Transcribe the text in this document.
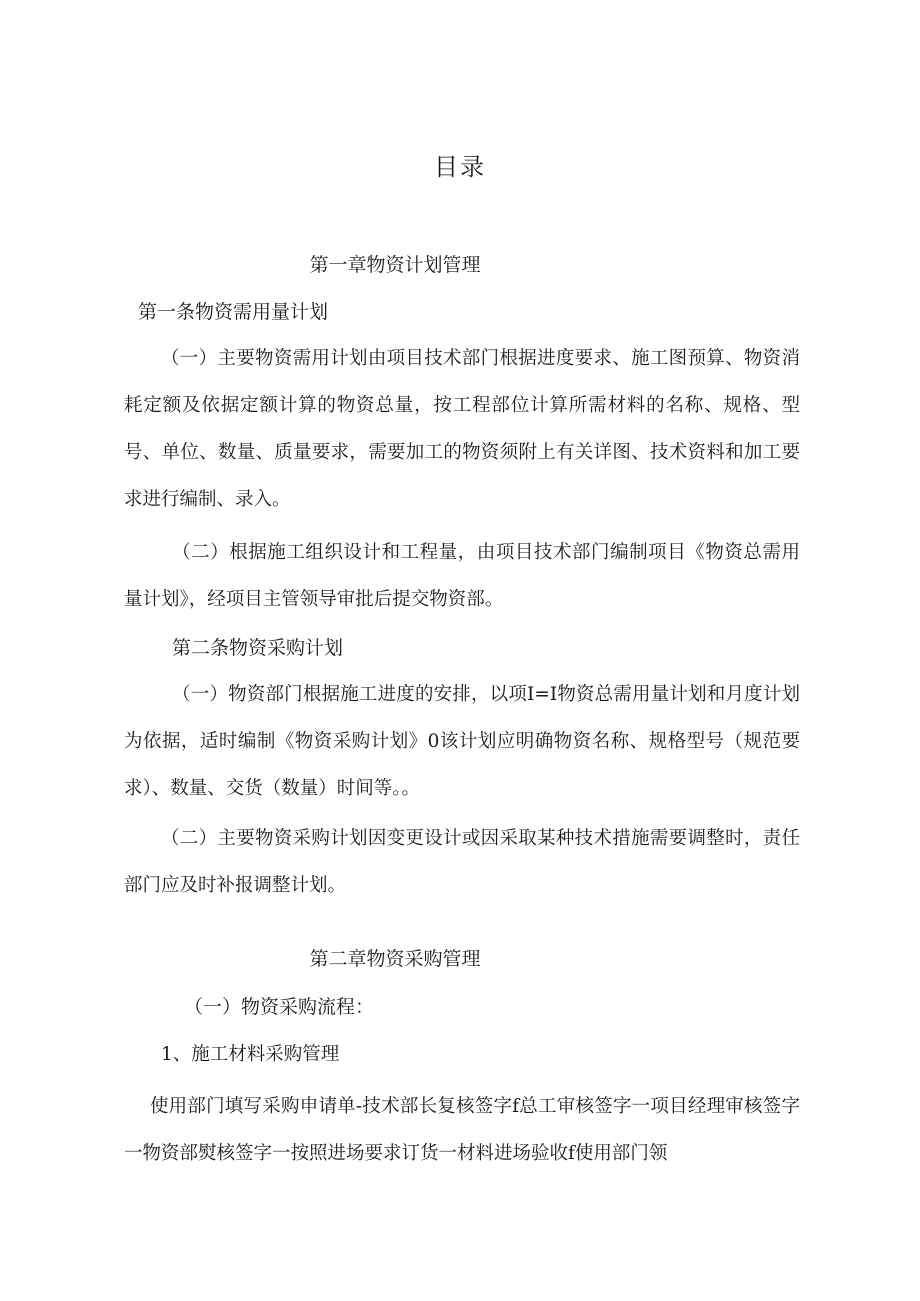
目录
第一章物资计划管理
第一条物资需用量计划
（一）主要物资需用计划由项目技术部门根据进度要求、施工图预算、物资消耗定额及依据定额计算的物资总量，按工程部位计算所需材料的名称、规格、型号、单位、数量、质量要求，需要加工的物资须附上有关详图、技术资料和加工要求进行编制、录入。
（二）根据施工组织设计和工程量，由项目技术部门编制项目《物资总需用量计划》，经项目主管领导审批后提交物资部。
第二条物资采购计划
（一）物资部门根据施工进度的安排，以项I=I物资总需用量计划和月度计划为依据，适时编制《物资采购计划》0该计划应明确物资名称、规格型号（规范要求）、数量、交货（数量）时间等。。
（二）主要物资采购计划因变更设计或因采取某种技术措施需要调整时，责任部门应及时补报调整计划。
第二章物资采购管理
（一）物资采购流程：
1、施工材料采购管理
使用部门填写采购申请单-技术部长复核签字f总工审核签字一项目经理审核签字一物资部熨核签字一按照进场要求订货一材料进场验收f使用部门领
